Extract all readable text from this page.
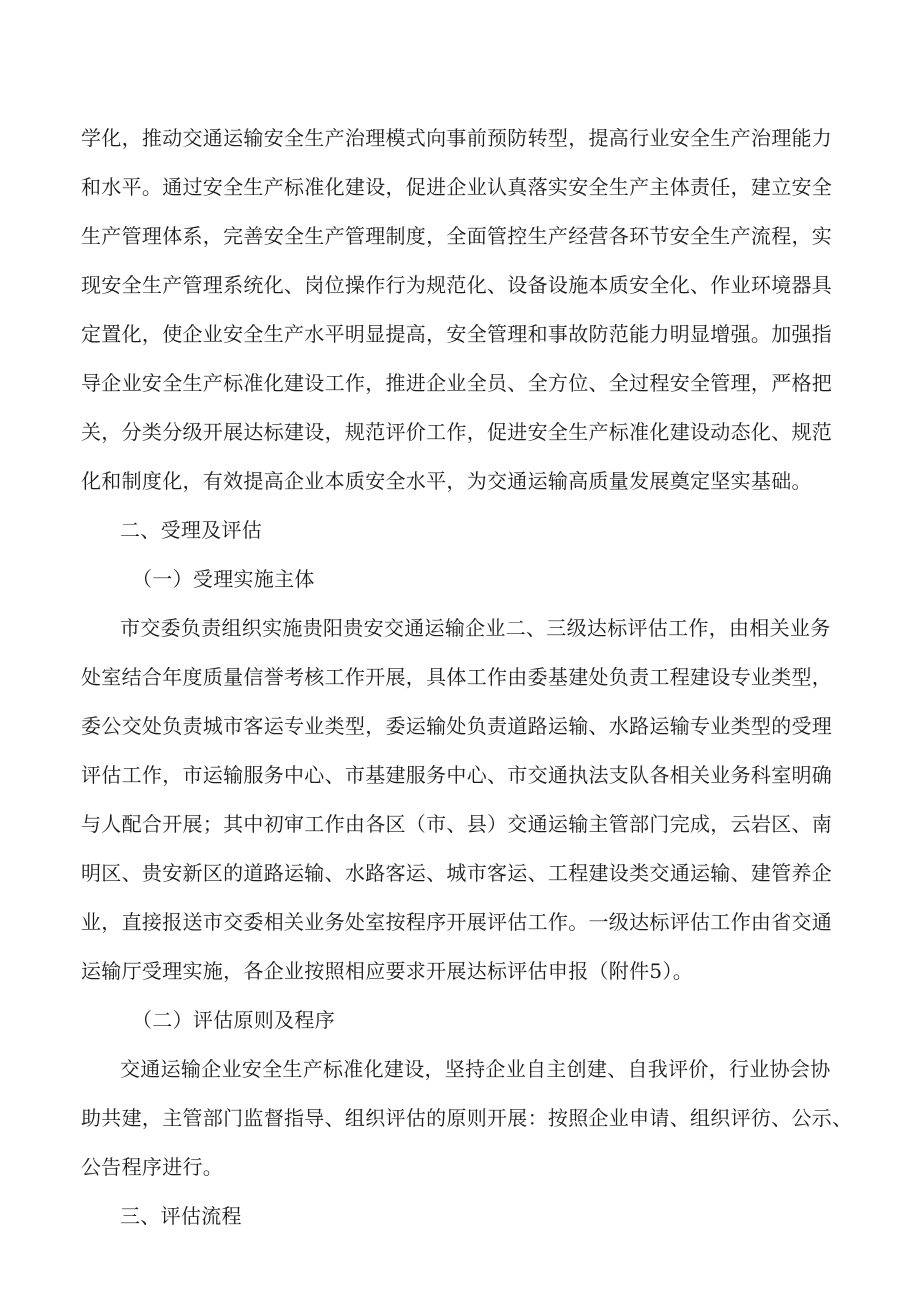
学化，推动交通运输安全生产治理模式向事前预防转型，提高行业安全生产治理能力
和水平。通过安全生产标准化建设，促进企业认真落实安全生产主体责任，建立安全
生产管理体系，完善安全生产管理制度，全面管控生产经营各环节安全生产流程，实
现安全生产管理系统化、岗位操作行为规范化、设备设施本质安全化、作业环境器具
定置化，使企业安全生产水平明显提高，安全管理和事故防范能力明显增强。加强指
导企业安全生产标准化建设工作，推进企业全员、全方位、全过程安全管理，严格把
关，分类分级开展达标建设，规范评价工作，促进安全生产标准化建设动态化、规范
化和制度化，有效提高企业本质安全水平，为交通运输高质量发展奠定坚实基础。
二、受理及评估
（一）受理实施主体
市交委负责组织实施贵阳贵安交通运输企业二、三级达标评估工作，由相关业务
处室结合年度质量信誉考核工作开展，具体工作由委基建处负责工程建设专业类型，
委公交处负责城市客运专业类型，委运输处负责道路运输、水路运输专业类型的受理
评估工作，市运输服务中心、市基建服务中心、市交通执法支队各相关业务科室明确
与人配合开展；其中初审工作由各区（市、县）交通运输主管部门完成，云岩区、南
明区、贵安新区的道路运输、水路客运、城市客运、工程建设类交通运输、建管养企
业，直接报送市交委相关业务处室按程序开展评估工作。一级达标评估工作由省交通
运输厅受理实施，各企业按照相应要求开展达标评估申报（附件5）。
（二）评估原则及程序
交通运输企业安全生产标准化建设，坚持企业自主创建、自我评价，行业协会协
助共建，主管部门监督指导、组织评估的原则开展：按照企业申请、组织评彷、公示、
公告程序进行。
三、评估流程
